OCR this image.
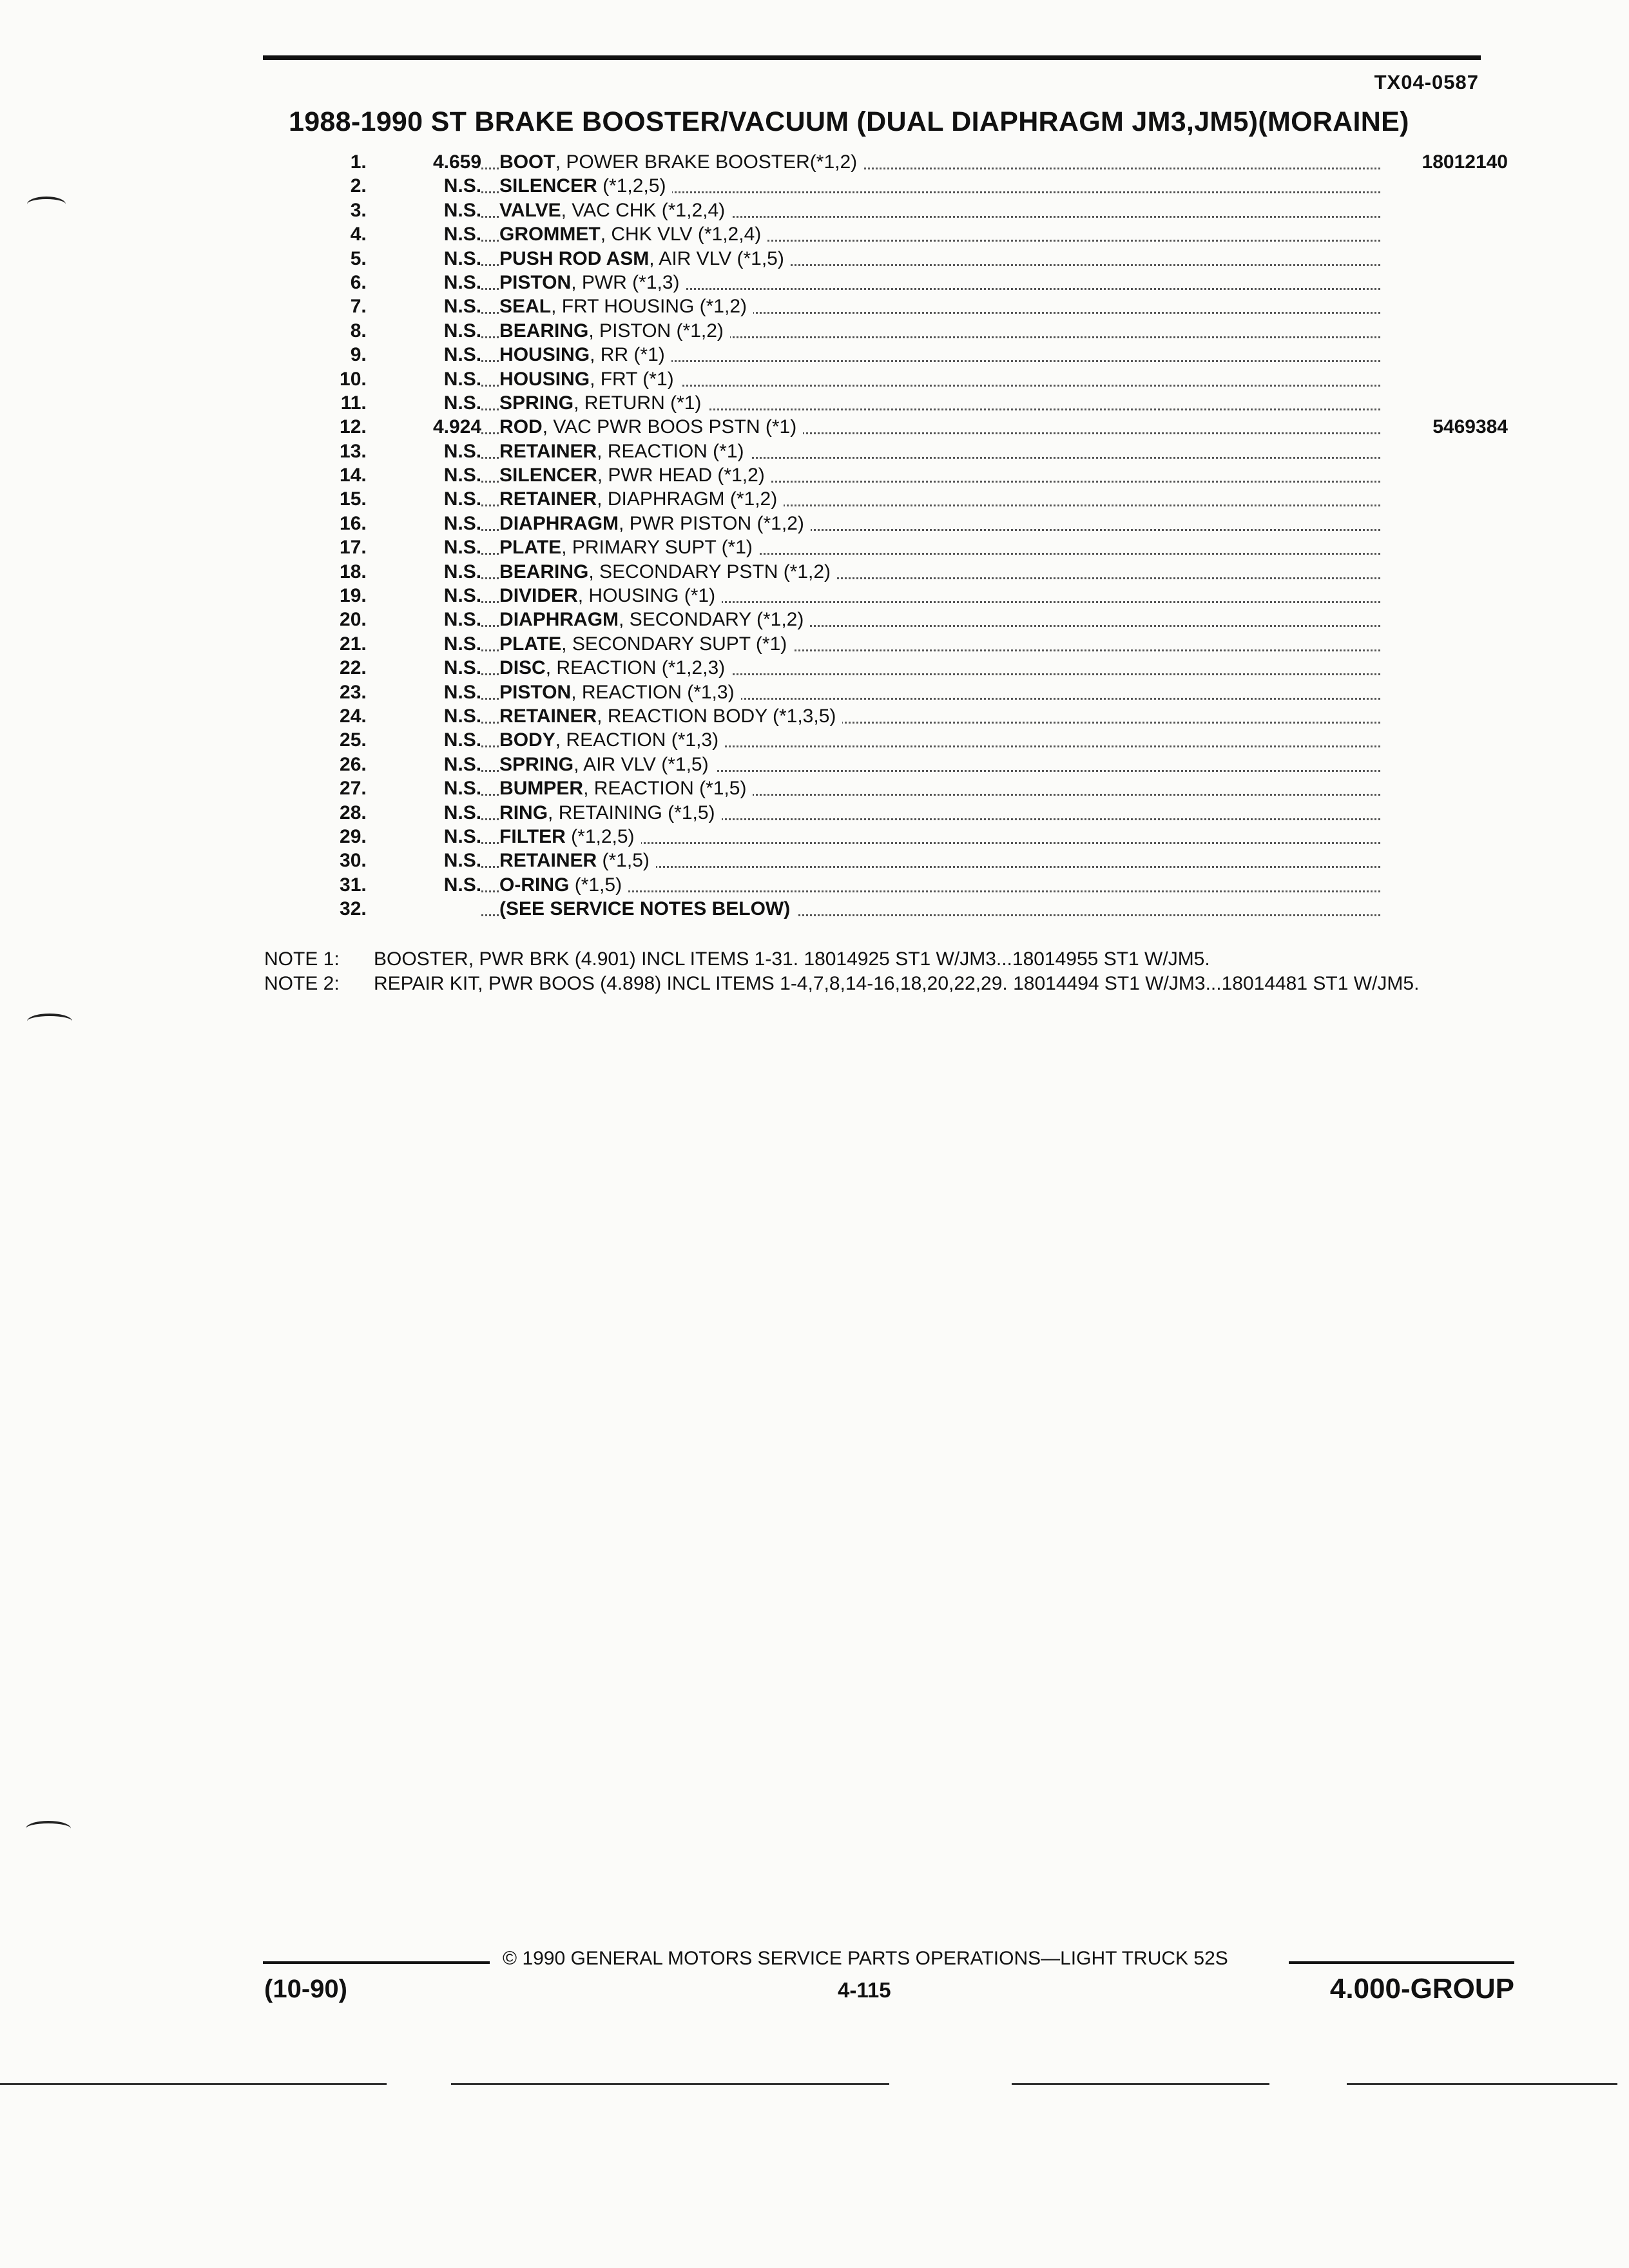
TX04-0587
1988-1990 ST BRAKE BOOSTER/VACUUM (DUAL DIAPHRAGM JM3,JM5)(MORAINE)
1.	4.659 BOOT, POWER BRAKE BOOSTER(*1,2)	18012140
2.	N.S. SILENCER (*1,2,5)
3.	N.S. VALVE, VAC CHK (*1,2,4)
4.	N.S. GROMMET, CHK VLV (*1,2,4)
5.	N.S. PUSH ROD ASM, AIR VLV (*1,5)
6.	N.S. PISTON, PWR (*1,3)
7.	N.S. SEAL, FRT HOUSING (*1,2)
8.	N.S. BEARING, PISTON (*1,2)
9.	N.S. HOUSING, RR (*1)
10.	N.S. HOUSING, FRT (*1)
11.	N.S. SPRING, RETURN (*1)
12.	4.924 ROD, VAC PWR BOOS PSTN (*1)	5469384
13.	N.S. RETAINER, REACTION (*1)
14.	N.S. SILENCER, PWR HEAD (*1,2)
15.	N.S. RETAINER, DIAPHRAGM (*1,2)
16.	N.S. DIAPHRAGM, PWR PISTON (*1,2)
17.	N.S. PLATE, PRIMARY SUPT (*1)
18.	N.S. BEARING, SECONDARY PSTN (*1,2)
19.	N.S. DIVIDER, HOUSING (*1)
20.	N.S. DIAPHRAGM, SECONDARY (*1,2)
21.	N.S. PLATE, SECONDARY SUPT (*1)
22.	N.S. DISC, REACTION (*1,2,3)
23.	N.S. PISTON, REACTION (*1,3)
24.	N.S. RETAINER, REACTION BODY (*1,3,5)
25.	N.S. BODY, REACTION (*1,3)
26.	N.S. SPRING, AIR VLV (*1,5)
27.	N.S. BUMPER, REACTION (*1,5)
28.	N.S. RING, RETAINING (*1,5)
29.	N.S. FILTER (*1,2,5)
30.	N.S. RETAINER (*1,5)
31.	N.S. O-RING (*1,5)
32.	(SEE SERVICE NOTES BELOW)
NOTE 1:	BOOSTER, PWR BRK (4.901) INCL ITEMS 1-31. 18014925 ST1 W/JM3...18014955 ST1 W/JM5.
NOTE 2:	REPAIR KIT, PWR BOOS (4.898) INCL ITEMS 1-4,7,8,14-16,18,20,22,29. 18014494 ST1 W/JM3...18014481 ST1 W/JM5.
© 1990 GENERAL MOTORS SERVICE PARTS OPERATIONS—LIGHT TRUCK 52S
(10-90)	4-115	4.000-GROUP
